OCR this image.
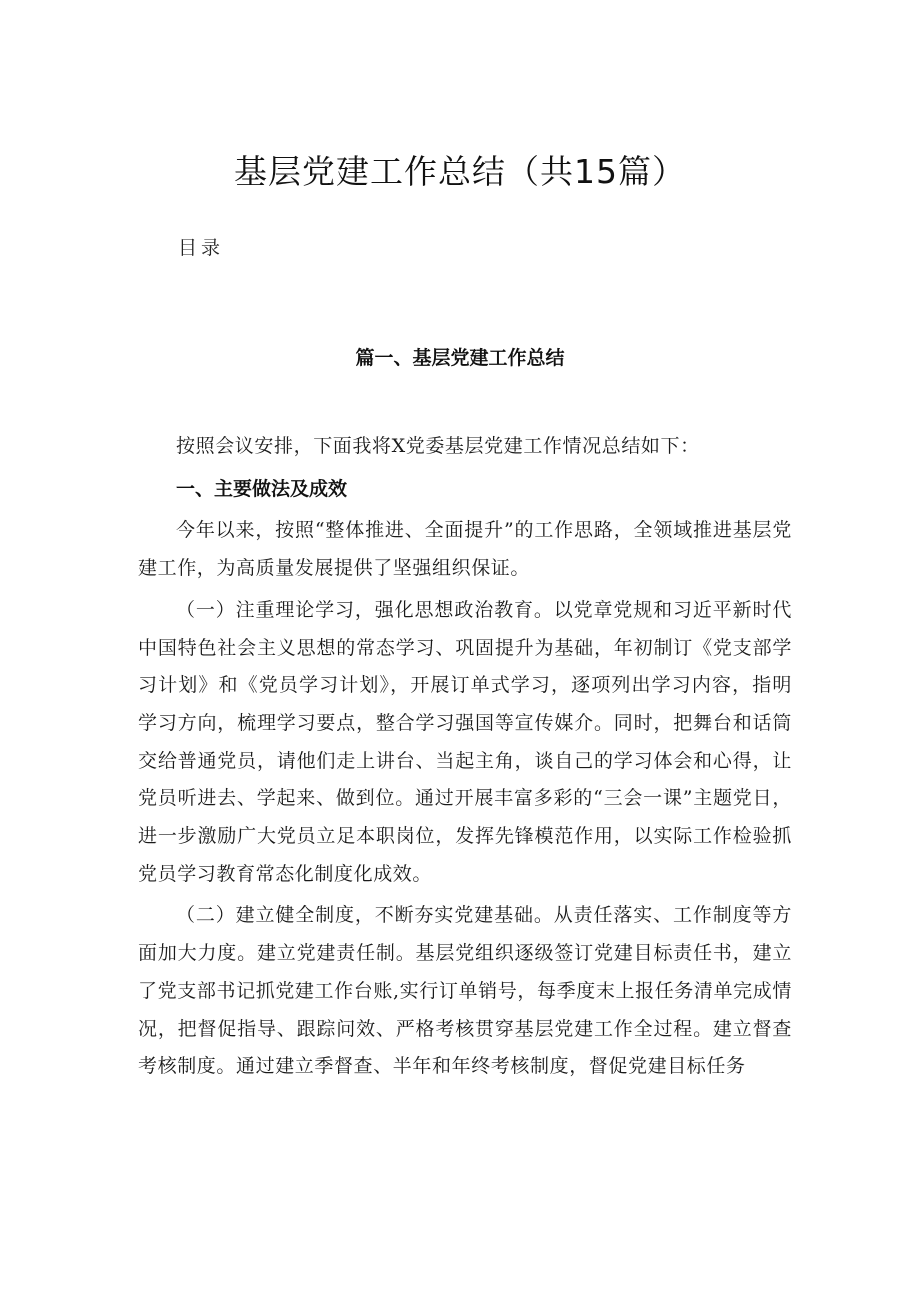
基层党建工作总结（共15篇）
目录
篇一、基层党建工作总结

按照会议安排，下面我将X党委基层党建工作情况总结如下：

一、主要做法及成效

今年以来，按照“整体推进、全面提升”的工作思路，全领域推进基层党建工作，为高质量发展提供了坚强组织保证。

（一）注重理论学习，强化思想政治教育。以党章党规和习近平新时代中国特色社会主义思想的常态学习、巩固提升为基础，年初制订《党支部学习计划》和《党员学习计划》，开展订单式学习，逐项列出学习内容，指明学习方向，梳理学习要点，整合学习强国等宣传媒介。同时，把舞台和话筒交给普通党员，请他们走上讲台、当起主角，谈自己的学习体会和心得，让党员听进去、学起来、做到位。通过开展丰富多彩的“三会一课”主题党日，进一步激励广大党员立足本职岗位，发挥先锋模范作用，以实际工作检验抓党员学习教育常态化制度化成效。

（二）建立健全制度，不断夯实党建基础。从责任落实、工作制度等方面加大力度。建立党建责任制。基层党组织逐级签订党建目标责任书，建立了党支部书记抓党建工作台账,实行订单销号，每季度末上报任务清单完成情况，把督促指导、跟踪问效、严格考核贯穿基层党建工作全过程。建立督查考核制度。通过建立季督查、半年和年终考核制度，督促党建目标任务
